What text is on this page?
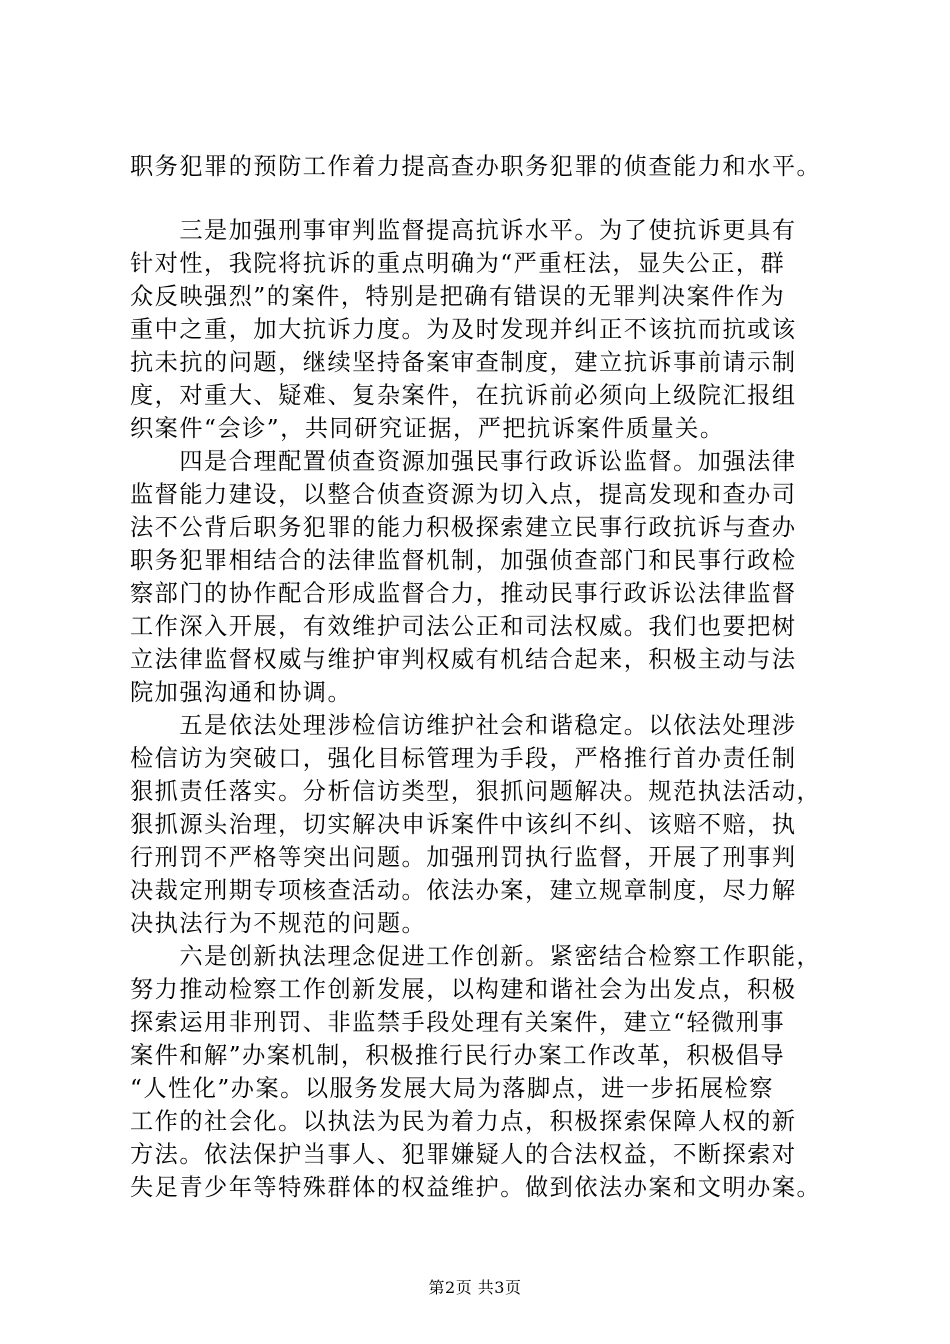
职务犯罪的预防工作着力提高查办职务犯罪的侦查能力和水平。

　　三是加强刑事审判监督提高抗诉水平。为了使抗诉更具有
针对性，我院将抗诉的重点明确为“严重枉法，显失公正，群
众反映强烈”的案件，特别是把确有错误的无罪判决案件作为
重中之重，加大抗诉力度。为及时发现并纠正不该抗而抗或该
抗未抗的问题，继续坚持备案审查制度，建立抗诉事前请示制
度，对重大、疑难、复杂案件，在抗诉前必须向上级院汇报组
织案件“会诊”，共同研究证据，严把抗诉案件质量关。

　　四是合理配置侦查资源加强民事行政诉讼监督。加强法律
监督能力建设，以整合侦查资源为切入点，提高发现和查办司
法不公背后职务犯罪的能力积极探索建立民事行政抗诉与查办
职务犯罪相结合的法律监督机制，加强侦查部门和民事行政检
察部门的协作配合形成监督合力，推动民事行政诉讼法律监督
工作深入开展，有效维护司法公正和司法权威。我们也要把树
立法律监督权威与维护审判权威有机结合起来，积极主动与法
院加强沟通和协调。

　　五是依法处理涉检信访维护社会和谐稳定。以依法处理涉
检信访为突破口，强化目标管理为手段，严格推行首办责任制
狠抓责任落实。分析信访类型，狠抓问题解决。规范执法活动，
狠抓源头治理，切实解决申诉案件中该纠不纠、该赔不赔，执
行刑罚不严格等突出问题。加强刑罚执行监督，开展了刑事判
决裁定刑期专项核查活动。依法办案，建立规章制度，尽力解
决执法行为不规范的问题。

　　六是创新执法理念促进工作创新。紧密结合检察工作职能，
努力推动检察工作创新发展，以构建和谐社会为出发点，积极
探索运用非刑罚、非监禁手段处理有关案件，建立“轻微刑事
案件和解”办案机制，积极推行民行办案工作改革，积极倡导
“人性化”办案。以服务发展大局为落脚点，进一步拓展检察
工作的社会化。以执法为民为着力点，积极探索保障人权的新
方法。依法保护当事人、犯罪嫌疑人的合法权益，不断探索对
失足青少年等特殊群体的权益维护。做到依法办案和文明办案。

第2页 共3页
